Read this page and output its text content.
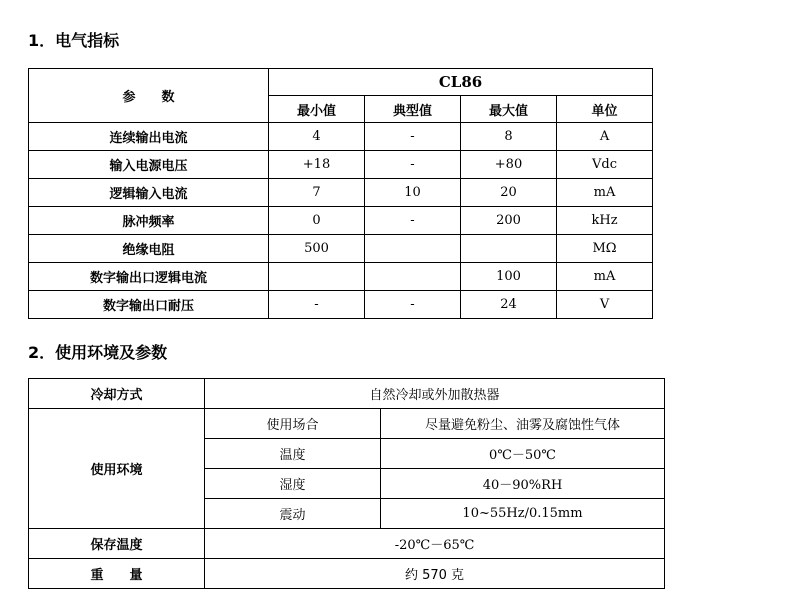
1．电气指标
参　　数	CL86			
	最小值	典型值	最大值	单位
连续输出电流	4	-	8	A
输入电源电压	+18	-	+80	Vdc
逻辑输入电流	7	10	20	mA
脉冲频率	0	-	200	kHz
绝缘电阻	500			MΩ
数字输出口逻辑电流			100	mA
数字输出口耐压	-	-	24	V
2．使用环境及参数
冷却方式	自然冷却或外加散热器	
使用环境	使用场合	尽量避免粉尘、油雾及腐蚀性气体
	温度	0℃－50℃
	湿度	40－90%RH
	震动	10~55Hz/0.15mm
保存温度	-20℃－65℃	
重　　量	约 570 克	
